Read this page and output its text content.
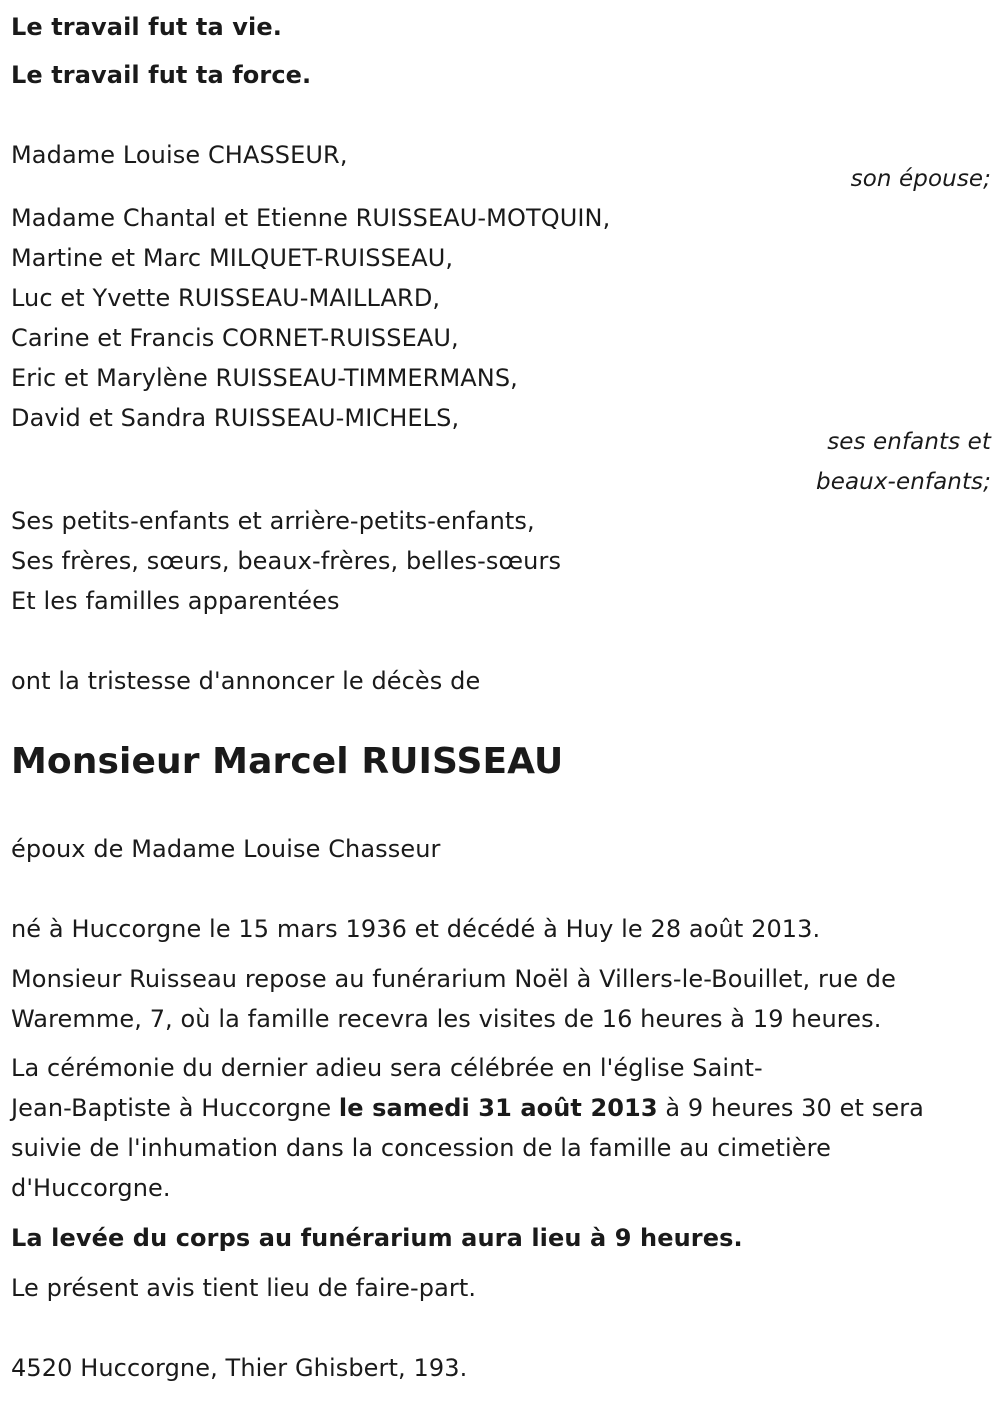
Le travail fut ta vie.
Le travail fut ta force.
Madame Louise CHASSEUR,
son épouse;
Madame Chantal et Etienne RUISSEAU-MOTQUIN,
Martine et Marc MILQUET-RUISSEAU,
Luc et Yvette RUISSEAU-MAILLARD,
Carine et Francis CORNET-RUISSEAU,
Eric et Marylène RUISSEAU-TIMMERMANS,
David et Sandra RUISSEAU-MICHELS,
ses enfants et
beaux-enfants;
Ses petits-enfants et arrière-petits-enfants,
Ses frères, sœurs, beaux-frères, belles-sœurs
Et les familles apparentées
ont la tristesse d'annoncer le décès de
Monsieur Marcel RUISSEAU
époux de Madame Louise Chasseur
né à Huccorgne le 15 mars 1936 et décédé à Huy le 28 août 2013.
Monsieur Ruisseau repose au funérarium Noël à Villers-le-Bouillet, rue de
Waremme, 7, où la famille recevra les visites de 16 heures à 19 heures.
La cérémonie du dernier adieu sera célébrée en l'église Saint-
Jean-Baptiste à Huccorgne le samedi 31 août 2013 à 9 heures 30 et sera
suivie de l'inhumation dans la concession de la famille au cimetière
d'Huccorgne.
La levée du corps au funérarium aura lieu à 9 heures.
Le présent avis tient lieu de faire-part.
4520 Huccorgne, Thier Ghisbert, 193.
